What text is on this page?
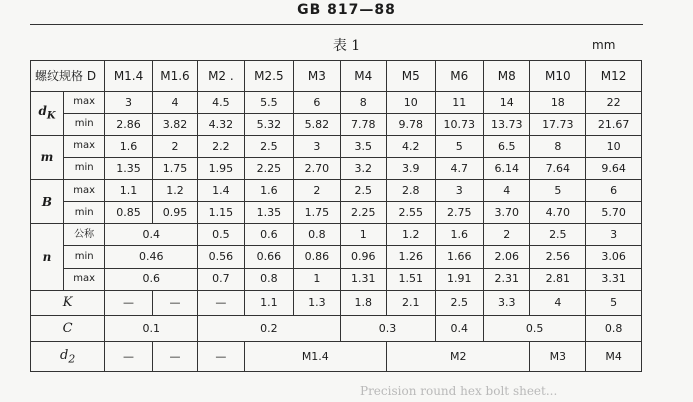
GB 817—88
表 1	mm
螺纹规格 D		M1.4	M1.6	M2 .	M2.5	M3	M4	M5	M6	M8	M10	M12
$d_K$	max	3	4	4.5	5.5	6	8	10	11	14	18	22
	min	2.86	3.82	4.32	5.32	5.82	7.78	9.78	10.73	13.73	17.73	21.67
m	max	1.6	2	2.2	2.5	3	3.5	4.2	5	6.5	8	10
	min	1.35	1.75	1.95	2.25	2.70	3.2	3.9	4.7	6.14	7.64	9.64
B	max	1.1	1.2	1.4	1.6	2	2.5	2.8	3	4	5	6
	min	0.85	0.95	1.15	1.35	1.75	2.25	2.55	2.75	3.70	4.70	5.70
n	公称	0.4		0.5	0.6	0.8	1	1.2	1.6	2	2.5	3
	min	0.46		0.56	0.66	0.86	0.96	1.26	1.66	2.06	2.56	3.06
	max	0.6		0.7	0.8	1	1.31	1.51	1.91	2.31	2.81	3.31
K		—	—	—	1.1	1.3	1.8	2.1	2.5	3.3	4	5
C		0.1		0.2			0.3		0.4	0.5		0.8
$d_2$		—	—	—	M1.4			M2			M3	M4
Precision round hex bolt sheet...
